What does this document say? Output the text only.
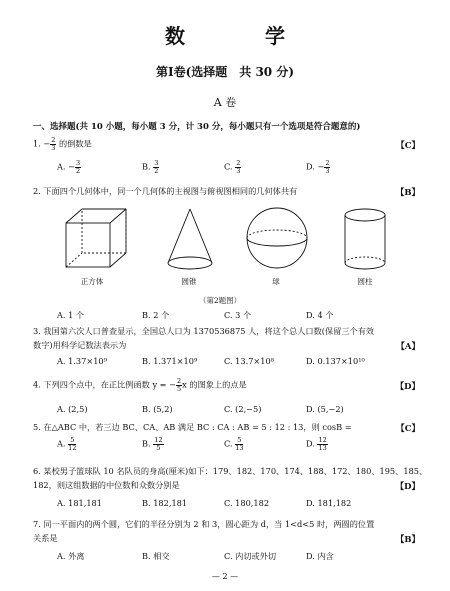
数　学
第Ⅰ卷(选择题　共 30 分)
A 卷
一、选择题(共 10 小题，每小题 3 分，计 30 分，每小题只有一个选项是符合题意的)
1. − $\frac{2}{3}$ 的倒数是	【C】
A. − $\frac{3}{2}$	B. $\frac{3}{2}$	C. $\frac{2}{3}$	D. − $\frac{2}{3}$
2. 下面四个几何体中，同一个几何体的主视图与俯视图相同的几何体共有	【B】
正方体	圆锥	球	圆柱
（第2题图）
A. 1 个	B. 2 个	C. 3 个	D. 4 个
3. 我国第六次人口普查显示，全国总人口为 1370536875 人，将这个总人口数(保留三个有效
数字)用科学记数法表示为	【A】
A. 1.37×10⁹	B. 1.371×10⁹	C. 13.7×10⁸	D. 0.137×10¹⁰
4. 下列四个点中，在正比例函数 y = − $\frac{2}{5}$ x 的图象上的点是	【D】
A. (2,5)	B. (5,2)	C. (2,−5)	D. (5,−2)
5. 在△ABC 中，若三边 BC、CA、AB 满足 BC : CA : AB = 5 : 12 : 13，则 cosB =	【C】
A. $\frac{5}{12}$	B. $\frac{12}{5}$	C. $\frac{5}{13}$	D. $\frac{12}{13}$
6. 某校男子篮球队 10 名队员的身高(厘米)如下：179、182、170、174、188、172、180、195、185、
182，则这组数据的中位数和众数分别是	【D】
A. 181,181	B. 182,181	C. 180,182	D. 181,182
7. 同一平面内的两个圆，它们的半径分别为 2 和 3，圆心距为 d，当 1<d<5 时，两圆的位置
关系是	【B】
A. 外离	B. 相交	C. 内切或外切	D. 内含
— 2 —
